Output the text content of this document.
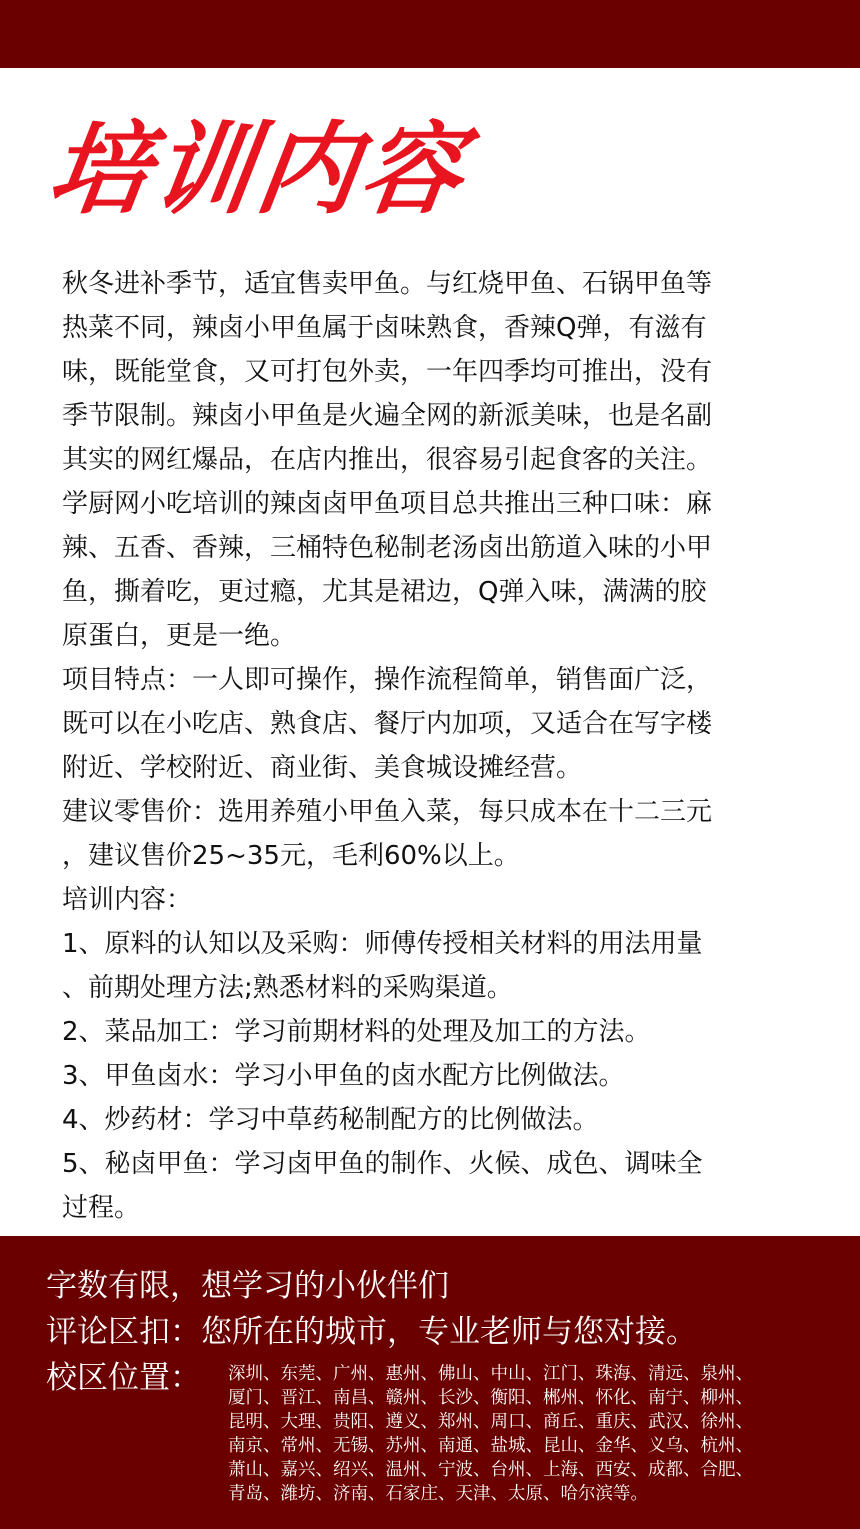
培训内容
秋冬进补季节，适宜售卖甲鱼。与红烧甲鱼、石锅甲鱼等
热菜不同，辣卤小甲鱼属于卤味熟食，香辣Q弹，有滋有
味，既能堂食，又可打包外卖，一年四季均可推出，没有
季节限制。辣卤小甲鱼是火遍全网的新派美味，也是名副
其实的网红爆品，在店内推出，很容易引起食客的关注。
学厨网小吃培训的辣卤卤甲鱼项目总共推出三种口味：麻
辣、五香、香辣，三桶特色秘制老汤卤出筋道入味的小甲
鱼，撕着吃，更过瘾，尤其是裙边，Q弹入味，满满的胶
原蛋白，更是一绝。
项目特点：一人即可操作，操作流程简单，销售面广泛，
既可以在小吃店、熟食店、餐厅内加项，又适合在写字楼
附近、学校附近、商业街、美食城设摊经营。
建议零售价：选用养殖小甲鱼入菜，每只成本在十二三元
，建议售价25~35元，毛利60%以上。
培训内容：
1、原料的认知以及采购：师傅传授相关材料的用法用量
、前期处理方法;熟悉材料的采购渠道。
2、菜品加工：学习前期材料的处理及加工的方法。
3、甲鱼卤水：学习小甲鱼的卤水配方比例做法。
4、炒药材：学习中草药秘制配方的比例做法。
5、秘卤甲鱼：学习卤甲鱼的制作、火候、成色、调味全
过程。
字数有限，想学习的小伙伴们
评论区扣：您所在的城市，专业老师与您对接。
校区位置： 深圳、东莞、广州、惠州、佛山、中山、江门、珠海、清远、泉州、
厦门、晋江、南昌、赣州、长沙、衡阳、郴州、怀化、南宁、柳州、
昆明、大理、贵阳、遵义、郑州、周口、商丘、重庆、武汉、徐州、
南京、常州、无锡、苏州、南通、盐城、昆山、金华、义乌、杭州、
萧山、嘉兴、绍兴、温州、宁波、台州、上海、西安、成都、合肥、
青岛、潍坊、济南、石家庄、天津、太原、哈尔滨等。
